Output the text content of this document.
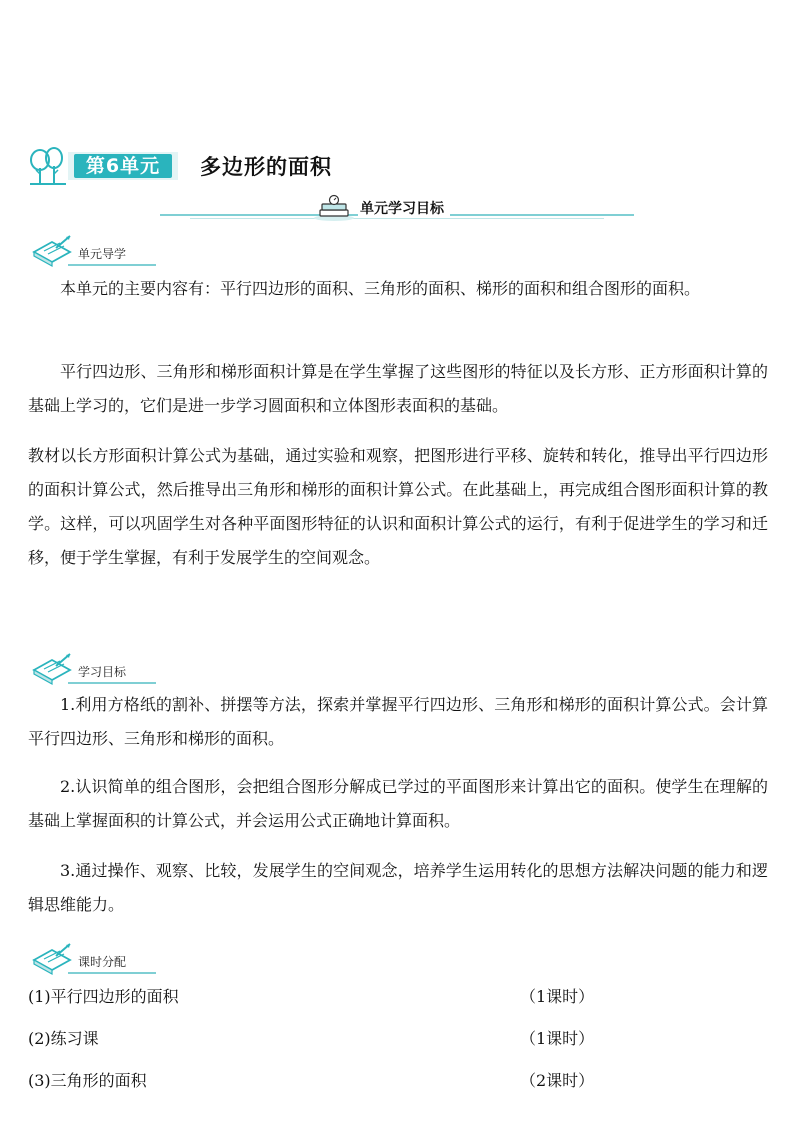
第6单元	多边形的面积
单元学习目标
单元导学

本单元的主要内容有：平行四边形的面积、三角形的面积、梯形的面积和组合图形的面积。

平行四边形、三角形和梯形面积计算是在学生掌握了这些图形的特征以及长方形、正方形面积计算的基础上学习的，它们是进一步学习圆面积和立体图形表面积的基础。

教材以长方形面积计算公式为基础，通过实验和观察，把图形进行平移、旋转和转化，推导出平行四边形的面积计算公式，然后推导出三角形和梯形的面积计算公式。在此基础上，再完成组合图形面积计算的教学。这样，可以巩固学生对各种平面图形特征的认识和面积计算公式的运行，有利于促进学生的学习和迁移，便于学生掌握，有利于发展学生的空间观念。

学习目标

1.利用方格纸的割补、拼摆等方法，探索并掌握平行四边形、三角形和梯形的面积计算公式。会计算平行四边形、三角形和梯形的面积。

2.认识简单的组合图形，会把组合图形分解成已学过的平面图形来计算出它的面积。使学生在理解的基础上掌握面积的计算公式，并会运用公式正确地计算面积。

3.通过操作、观察、比较，发展学生的空间观念，培养学生运用转化的思想方法解决问题的能力和逻辑思维能力。

课时分配
(1)平行四边形的面积	（1课时）
(2)练习课	（1课时）
(3)三角形的面积	（2课时）
